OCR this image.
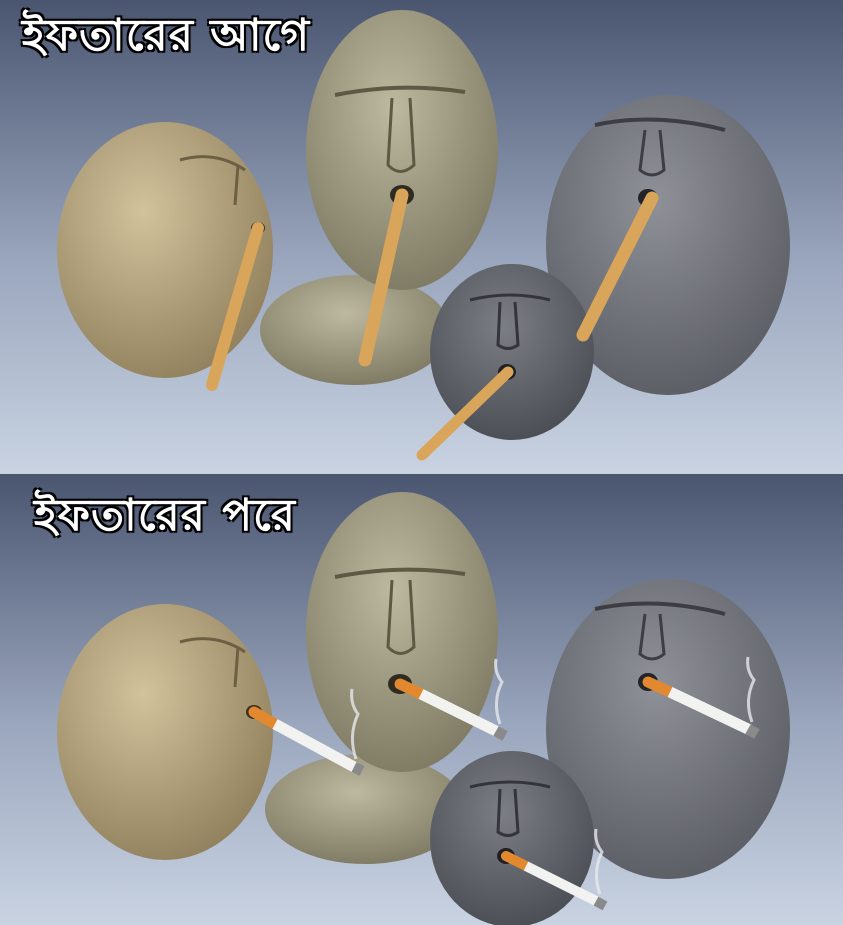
ইফতারের আগে
ইফতারের পরে
